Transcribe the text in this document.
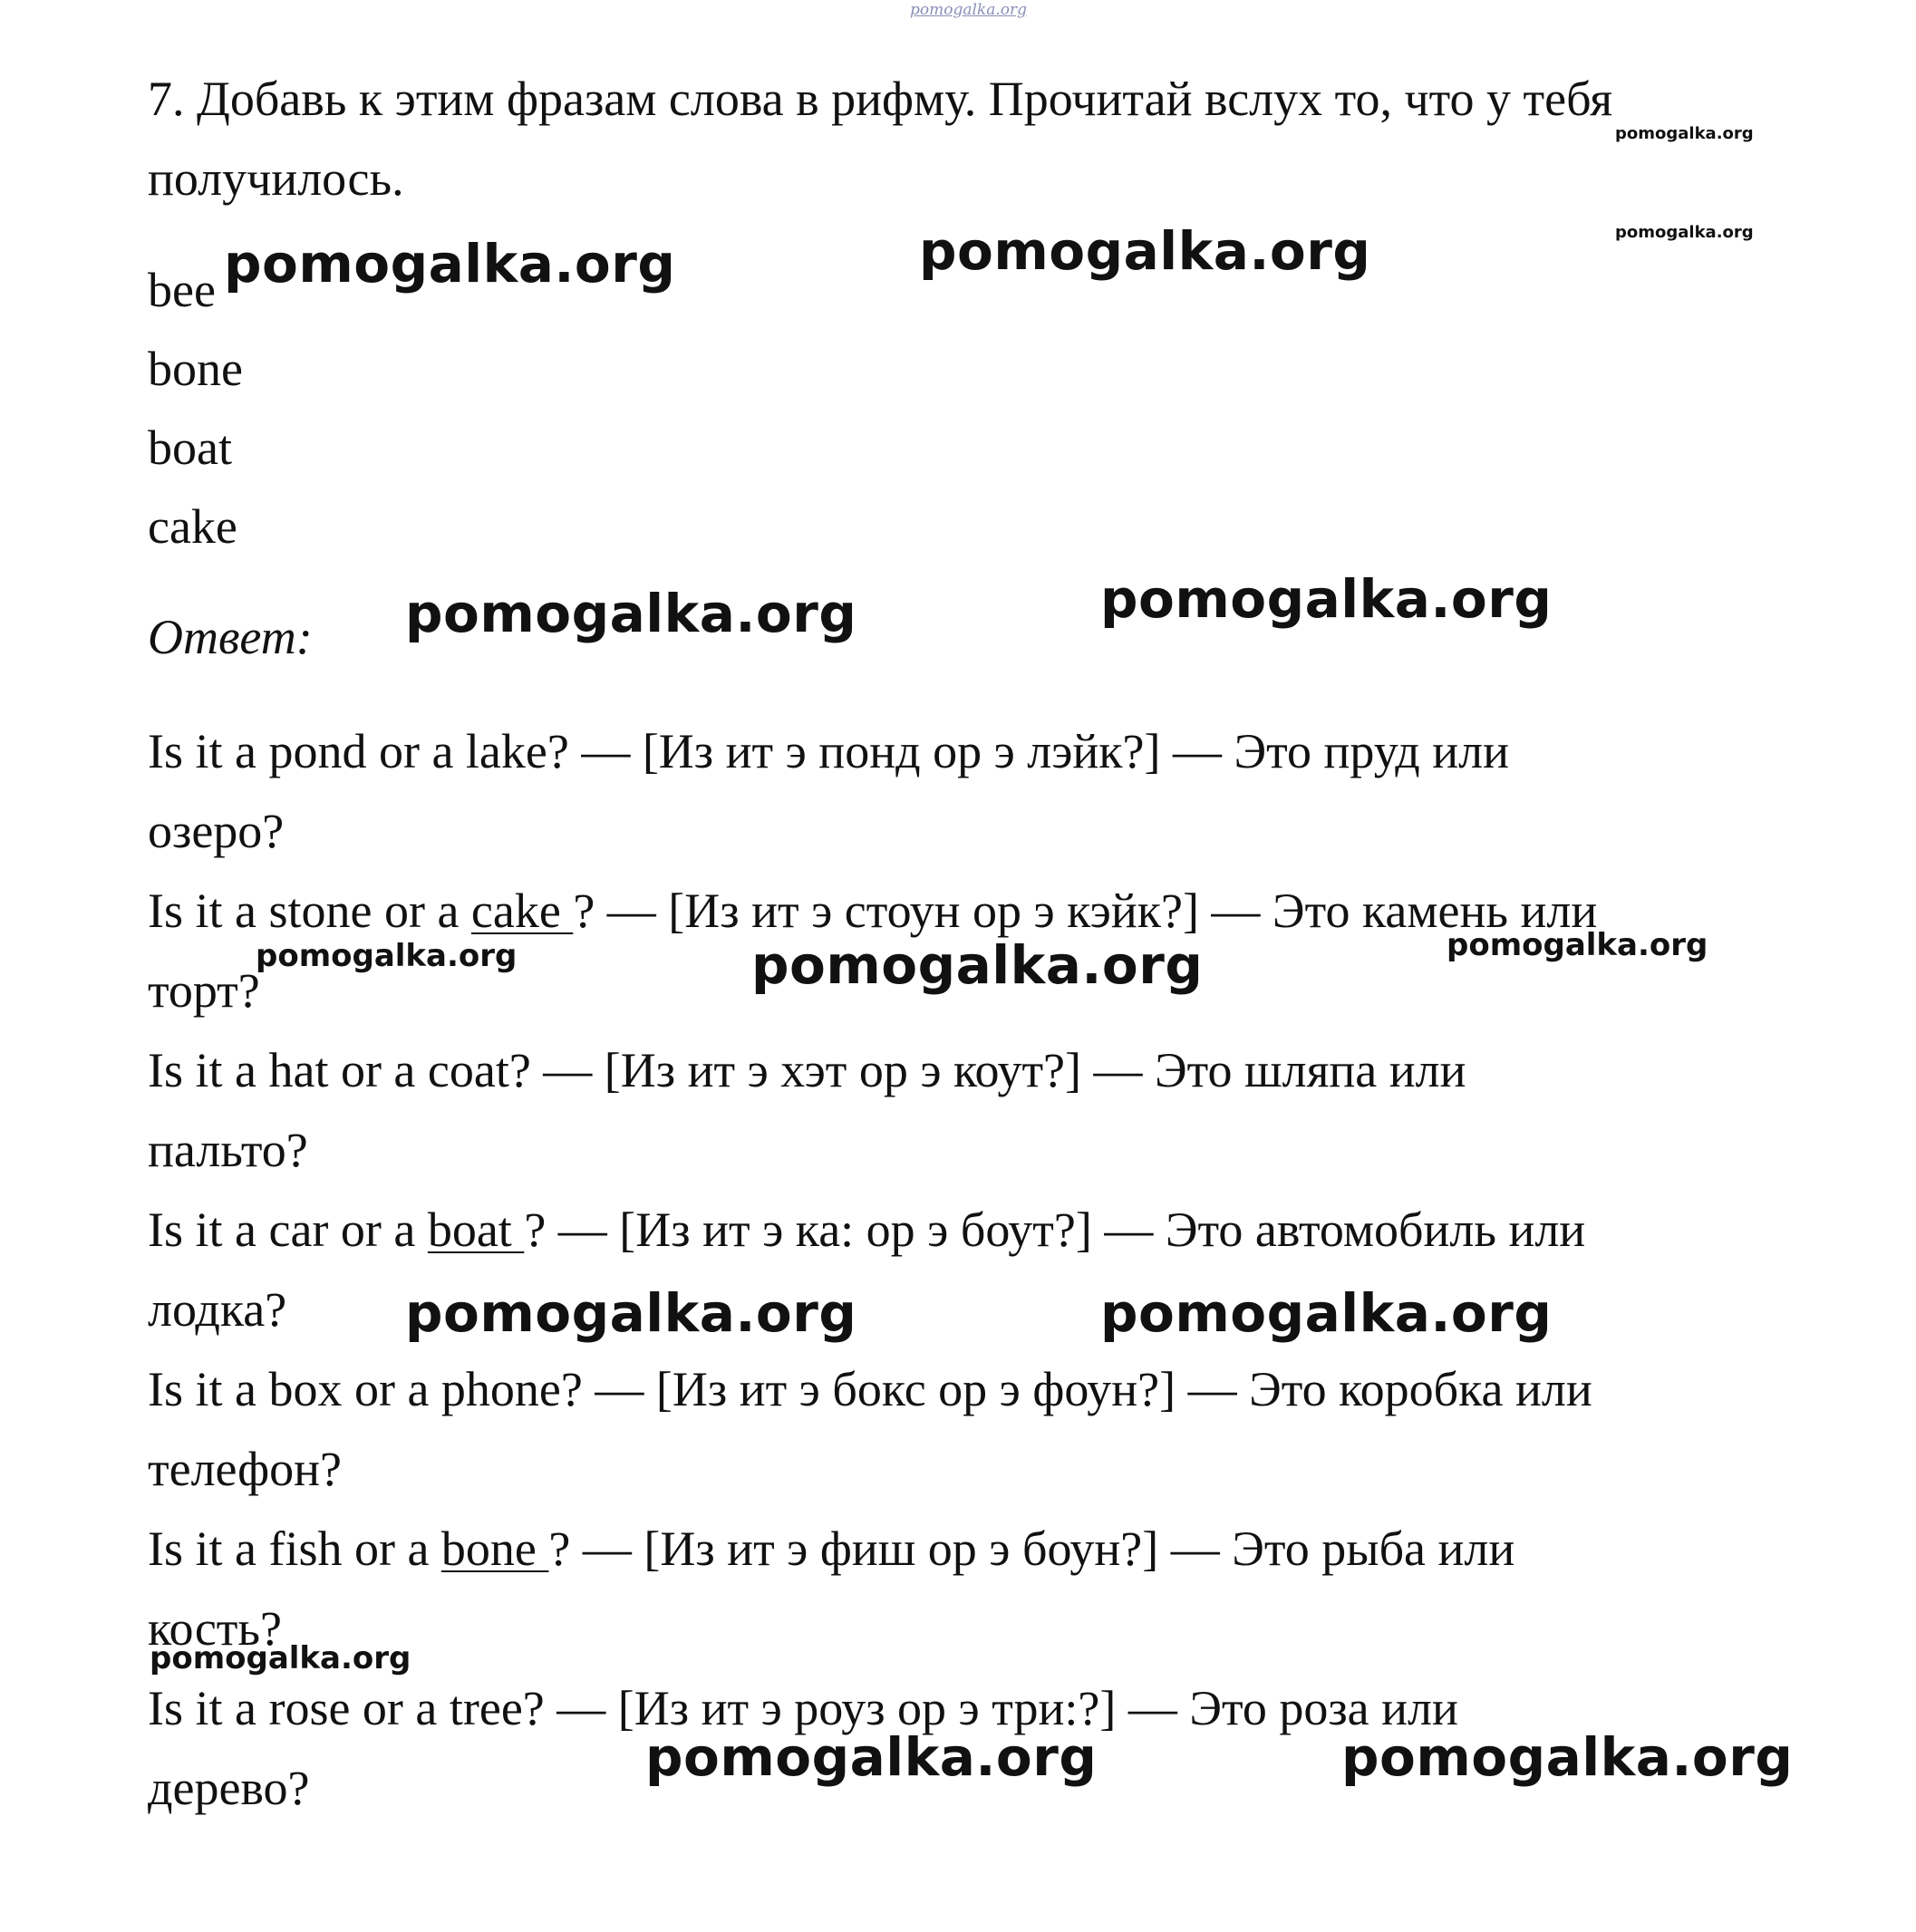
pomogalka.org
7. Добавь к этим фразам слова в рифму. Прочитай вслух то, что у тебя
получилось.
bee
bone
boat
cake
Ответ:
Is it a pond or a lake? — [Из ит э понд ор э лэйк?] — Это пруд или
озеро?
Is it a stone or a cake ? — [Из ит э стоун ор э кэйк?] — Это камень или
торт?
Is it a hat or a coat? — [Из ит э хэт ор э коут?] — Это шляпа или
пальто?
Is it a car or a boat ? — [Из ит э ка: ор э боут?] — Это автомобиль или
лодка?
Is it a box or a phone? — [Из ит э бокс ор э фоун?] — Это коробка или
телефон?
Is it a fish or a bone ? — [Из ит э фиш ор э боун?] — Это рыба или
кость?
Is it a rose or a tree? — [Из ит э роуз ор э три:?] — Это роза или
дерево?
pomogalka.org
pomogalka.org
pomogalka.org	pomogalka.org
pomogalka.org	pomogalka.org
pomogalka.org	pomogalka.org	pomogalka.org
pomogalka.org	pomogalka.org
pomogalka.org
pomogalka.org	pomogalka.org
